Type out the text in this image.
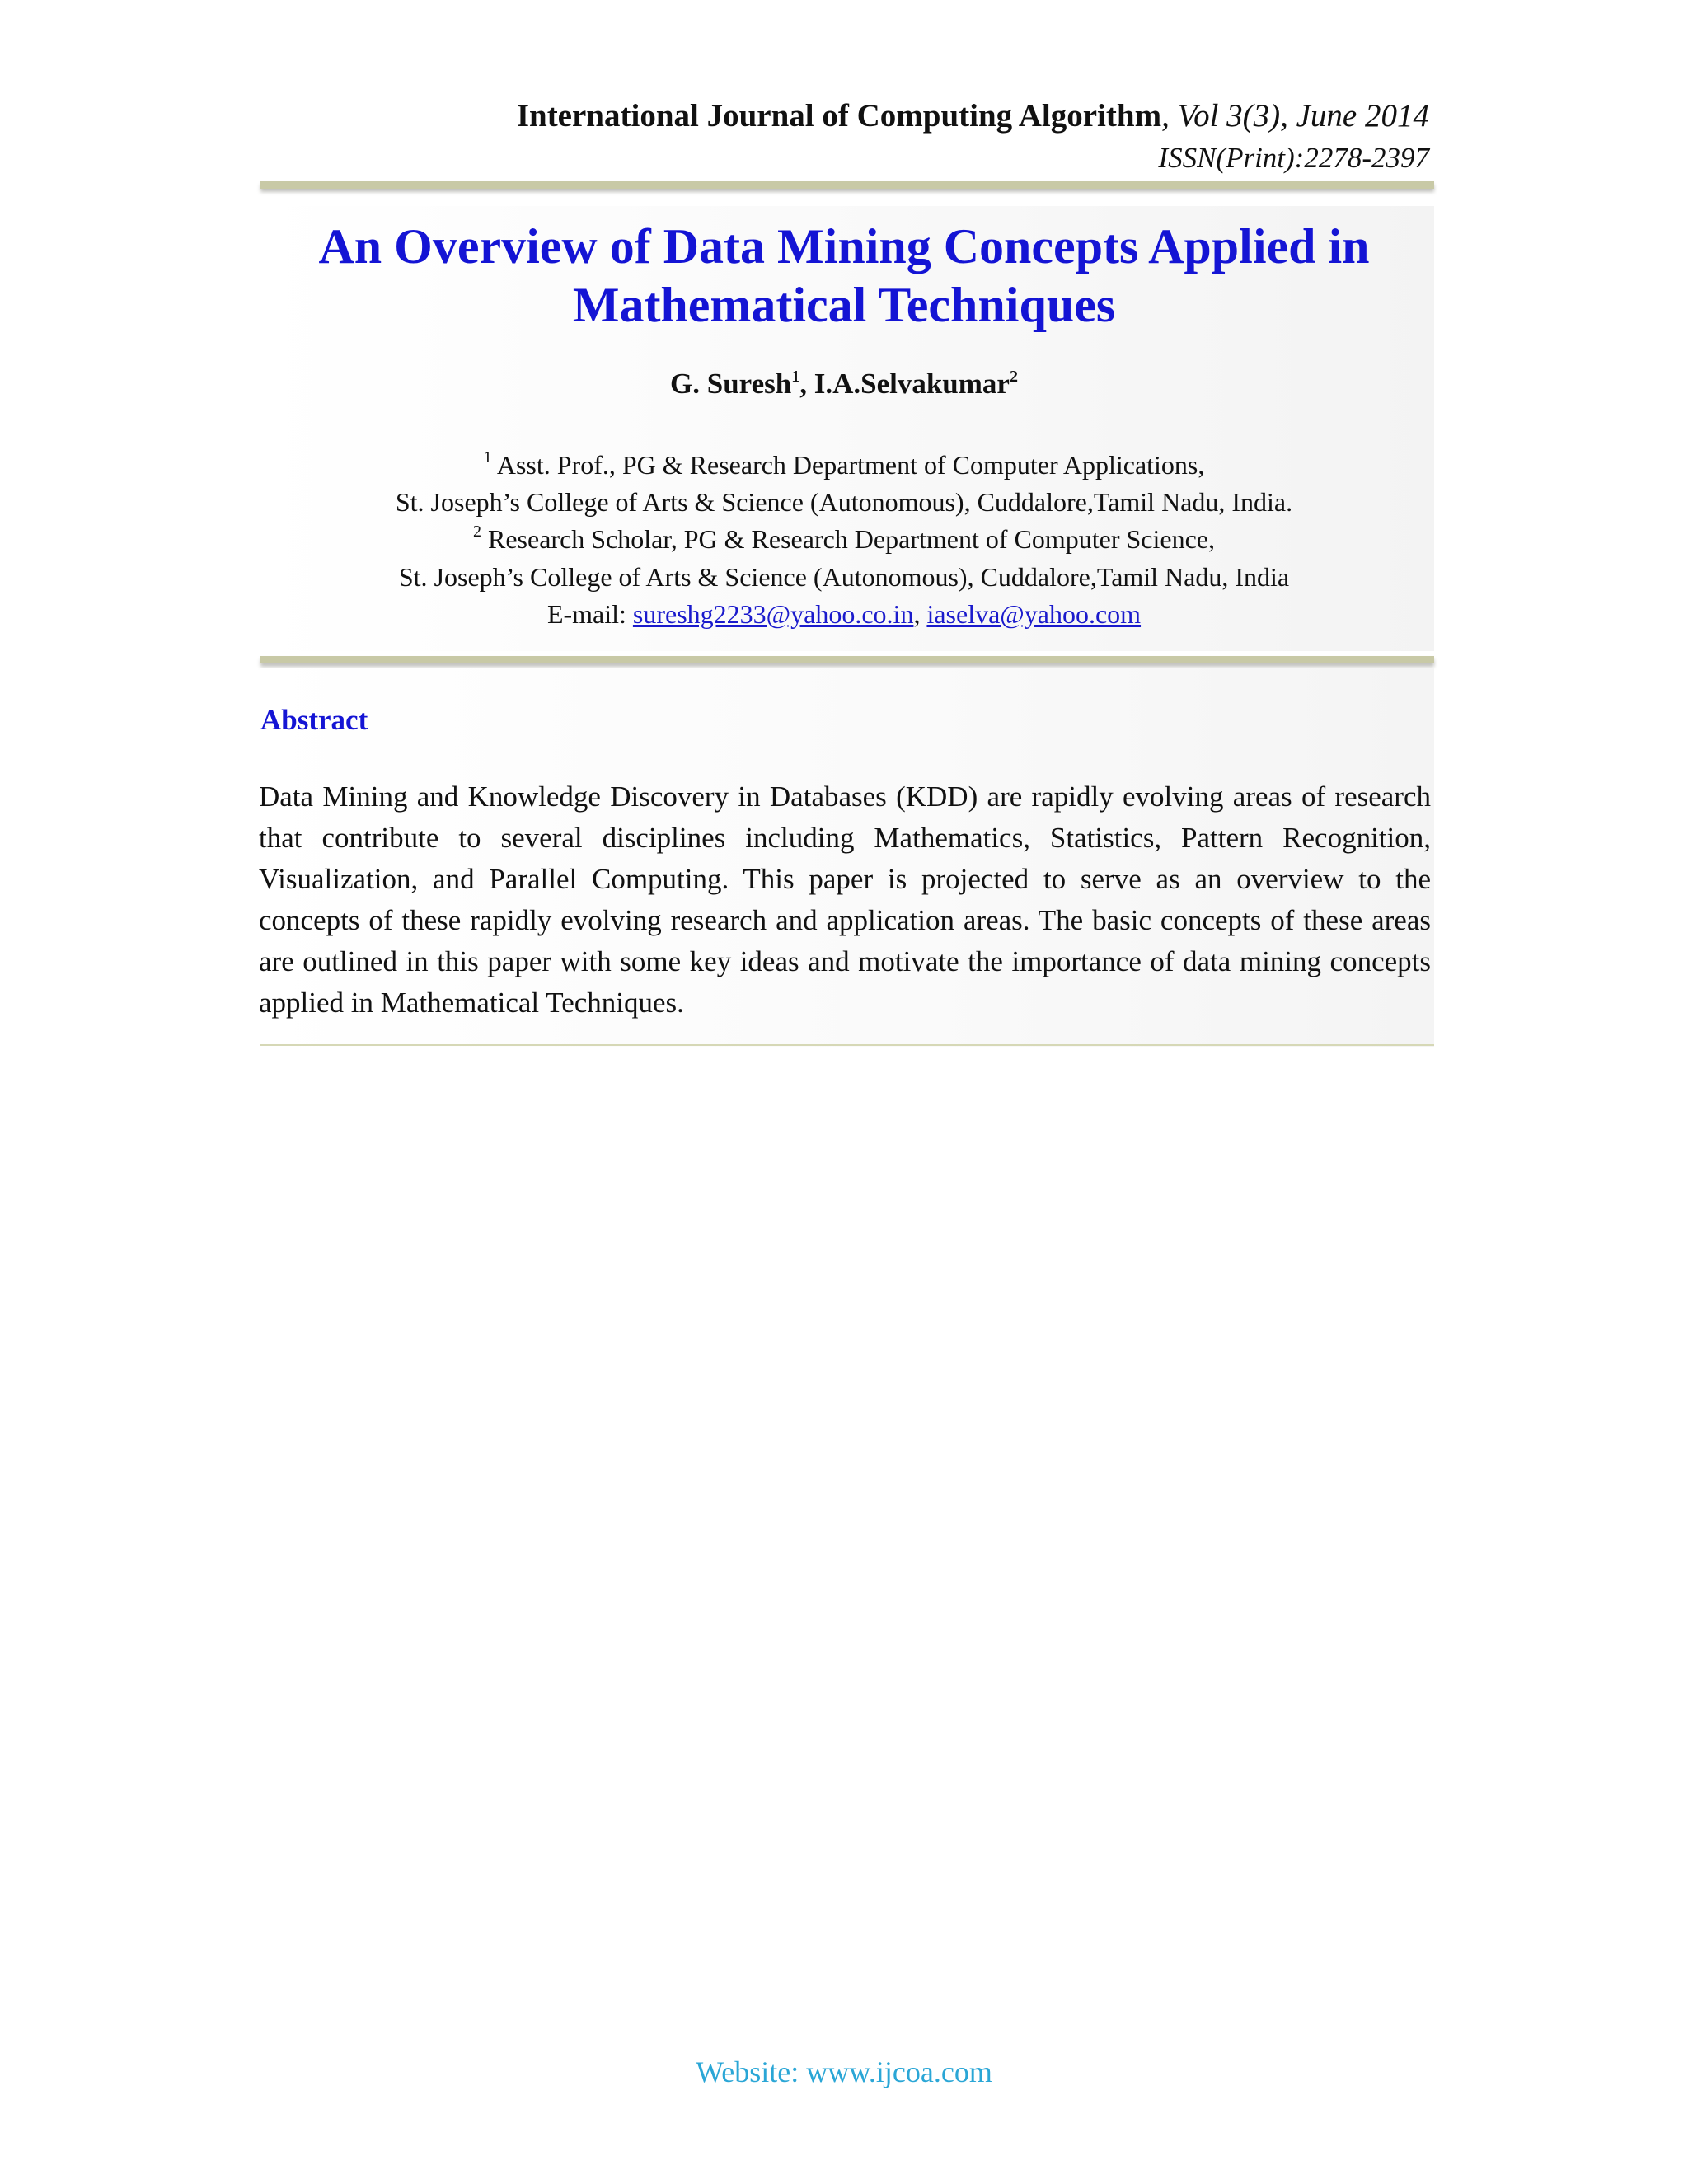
International Journal of Computing Algorithm, Vol 3(3), June 2014
ISSN(Print):2278-2397
An Overview of Data Mining Concepts Applied in
Mathematical Techniques
G. Suresh$^1$, I.A.Selvakumar$^2$
$^1$ Asst. Prof., PG & Research Department of Computer Applications,
St. Joseph’s College of Arts & Science (Autonomous), Cuddalore,Tamil Nadu, India.
$^2$ Research Scholar, PG & Research Department of Computer Science,
St. Joseph’s College of Arts & Science (Autonomous), Cuddalore,Tamil Nadu, India
E-mail: sureshg2233@yahoo.co.in, iaselva@yahoo.com
Abstract
Data Mining and Knowledge Discovery in Databases (KDD) are rapidly evolving areas of research that contribute to several disciplines including Mathematics, Statistics, Pattern Recognition, Visualization, and Parallel Computing. This paper is projected to serve as an overview to the concepts of these rapidly evolving research and application areas. The basic concepts of these areas are outlined in this paper with some key ideas and motivate the importance of data mining concepts applied in Mathematical Techniques.
Website: www.ijcoa.com
